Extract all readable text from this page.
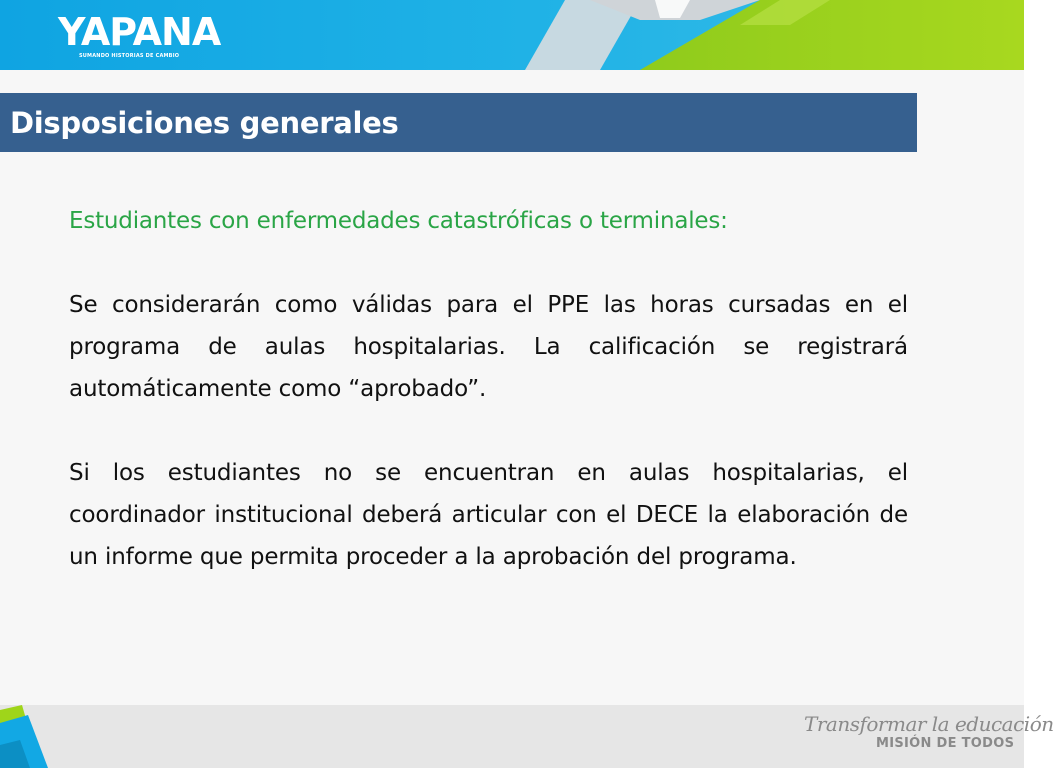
YAPANA
SUMANDO HISTORIAS DE CAMBIO
Disposiciones generales
Estudiantes con enfermedades catastróficas o terminales:
Se considerarán como válidas para el PPE las horas cursadas en el programa de aulas hospitalarias. La calificación se registrará automáticamente como “aprobado”.
Si los estudiantes no se encuentran en aulas hospitalarias, el coordinador institucional deberá articular con el DECE la elaboración de un informe que permita proceder a la aprobación del programa.
Transformar la educación
MISIÓN DE TODOS
